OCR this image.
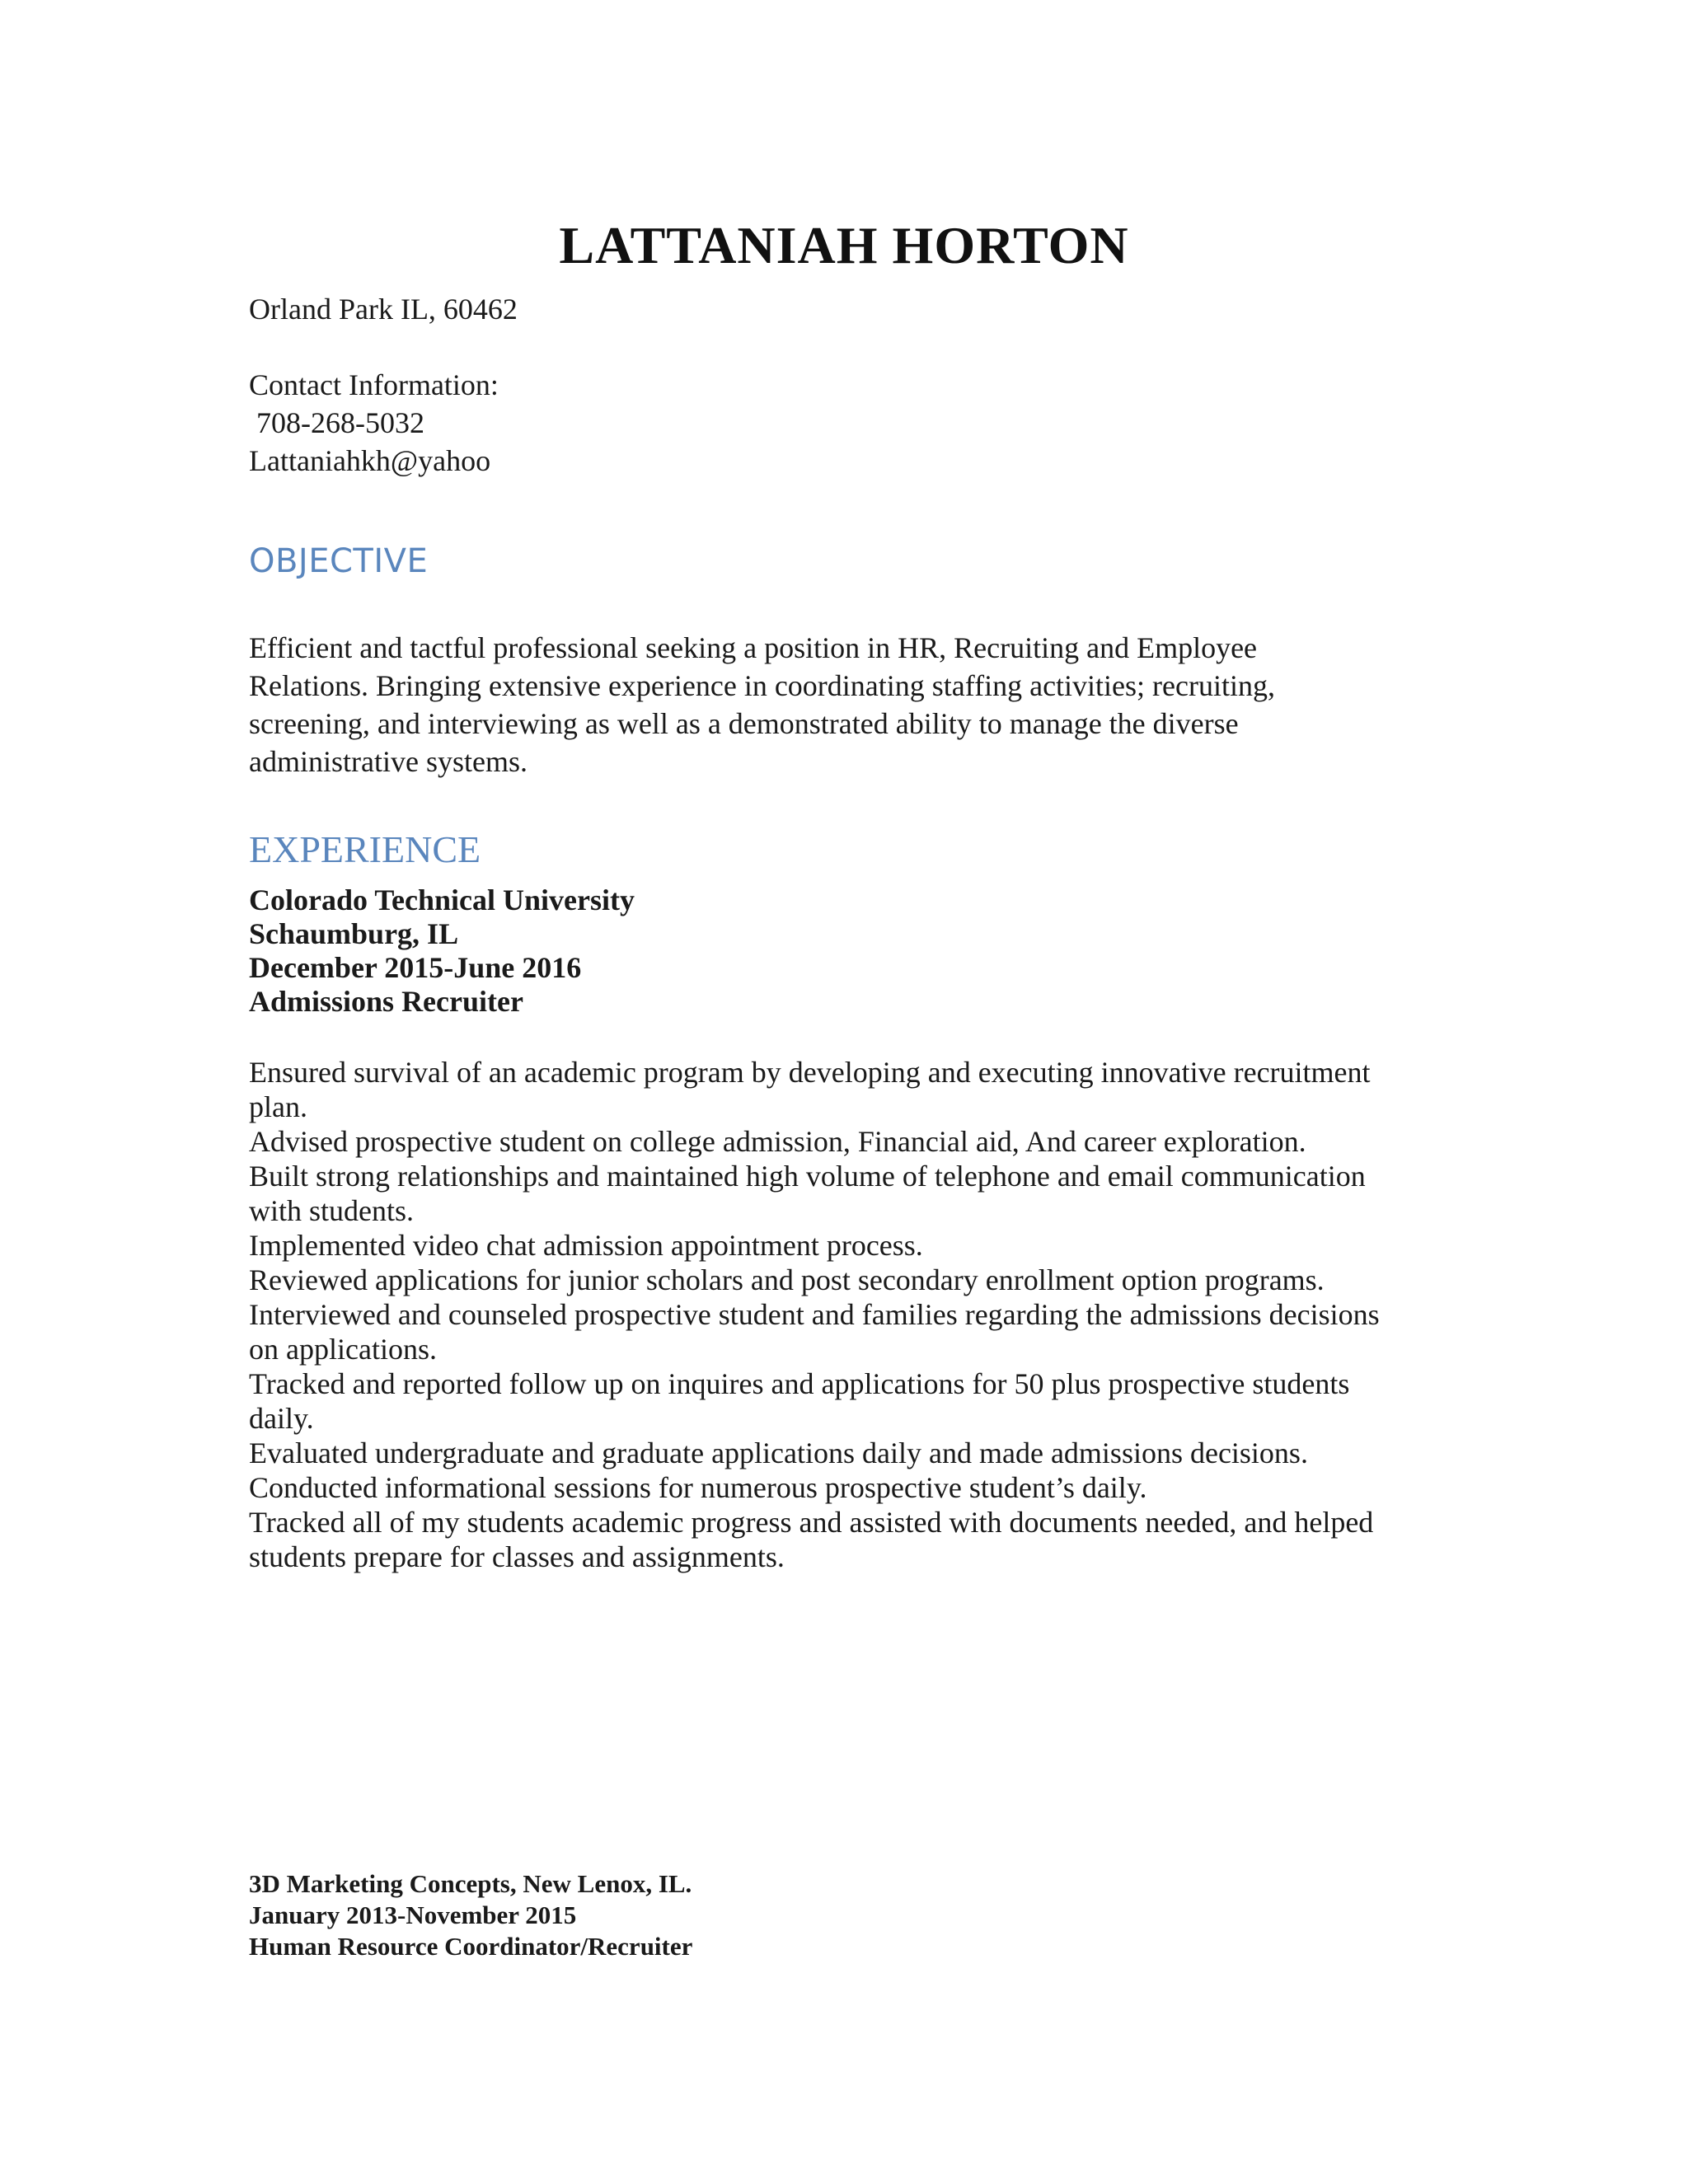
LATTANIAH HORTON
Orland Park IL, 60462
Contact Information:
708-268-5032
Lattaniahkh@yahoo
OBJECTIVE
Efficient and tactful professional seeking a position in HR, Recruiting and Employee
Relations. Bringing extensive experience in coordinating staffing activities; recruiting,
screening, and interviewing as well as a demonstrated ability to manage the diverse
administrative systems.
EXPERIENCE
Colorado Technical University
Schaumburg, IL
December 2015-June 2016
Admissions Recruiter
Ensured survival of an academic program by developing and executing innovative recruitment
plan.
Advised prospective student on college admission, Financial aid, And career exploration.
Built strong relationships and maintained high volume of telephone and email communication
with students.
Implemented video chat admission appointment process.
Reviewed applications for junior scholars and post secondary enrollment option programs.
Interviewed and counseled prospective student and families regarding the admissions decisions
on applications.
Tracked and reported follow up on inquires and applications for 50 plus prospective students
daily.
Evaluated undergraduate and graduate applications daily and made admissions decisions.
Conducted informational sessions for numerous prospective student’s daily.
Tracked all of my students academic progress and assisted with documents needed, and helped
students prepare for classes and assignments.
3D Marketing Concepts, New Lenox, IL.
January 2013-November 2015
Human Resource Coordinator/Recruiter
